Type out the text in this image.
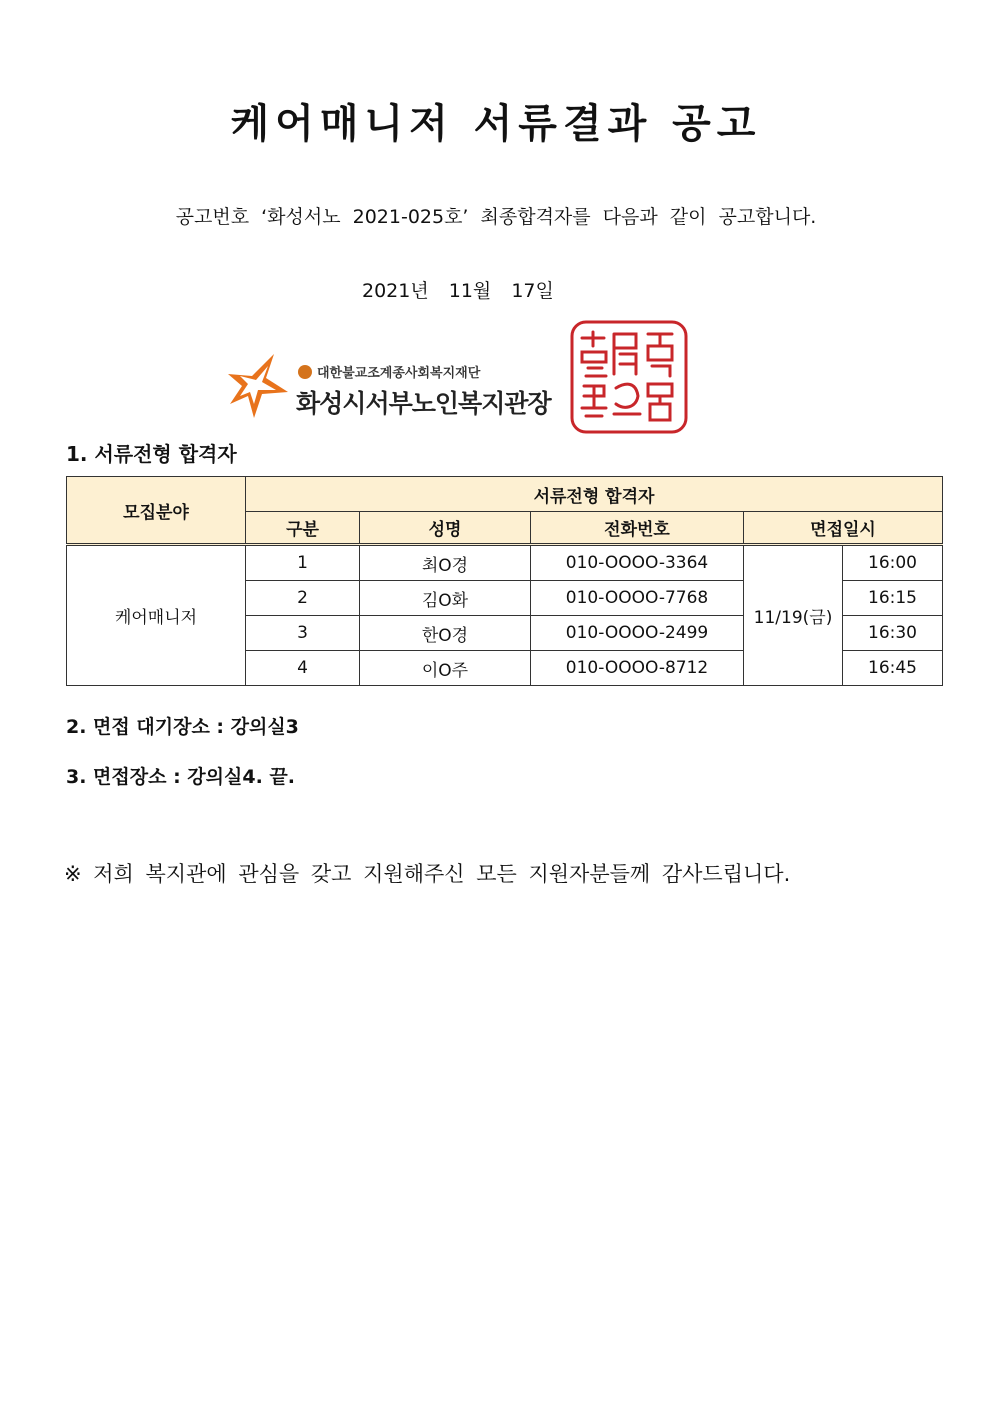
케어매니저 서류결과 공고
공고번호 ‘화성서노 2021-025호’ 최종합격자를 다음과 같이 공고합니다.
2021년 11월 17일
대한불교조계종사회복지재단
화성시서부노인복지관장
1. 서류전형 합격자
모집분야	서류전형 합격자				
	구분	성명	전화번호	면접일시	
케어매니저	1	최O경	010-OOOO-3364	11/19(금)	16:00
	2	김O화	010-OOOO-7768		16:15
	3	한O경	010-OOOO-2499		16:30
	4	이O주	010-OOOO-8712		16:45
2. 면접 대기장소 : 강의실3
3. 면접장소 : 강의실4. 끝.
※ 저희 복지관에 관심을 갖고 지원해주신 모든 지원자분들께 감사드립니다.
